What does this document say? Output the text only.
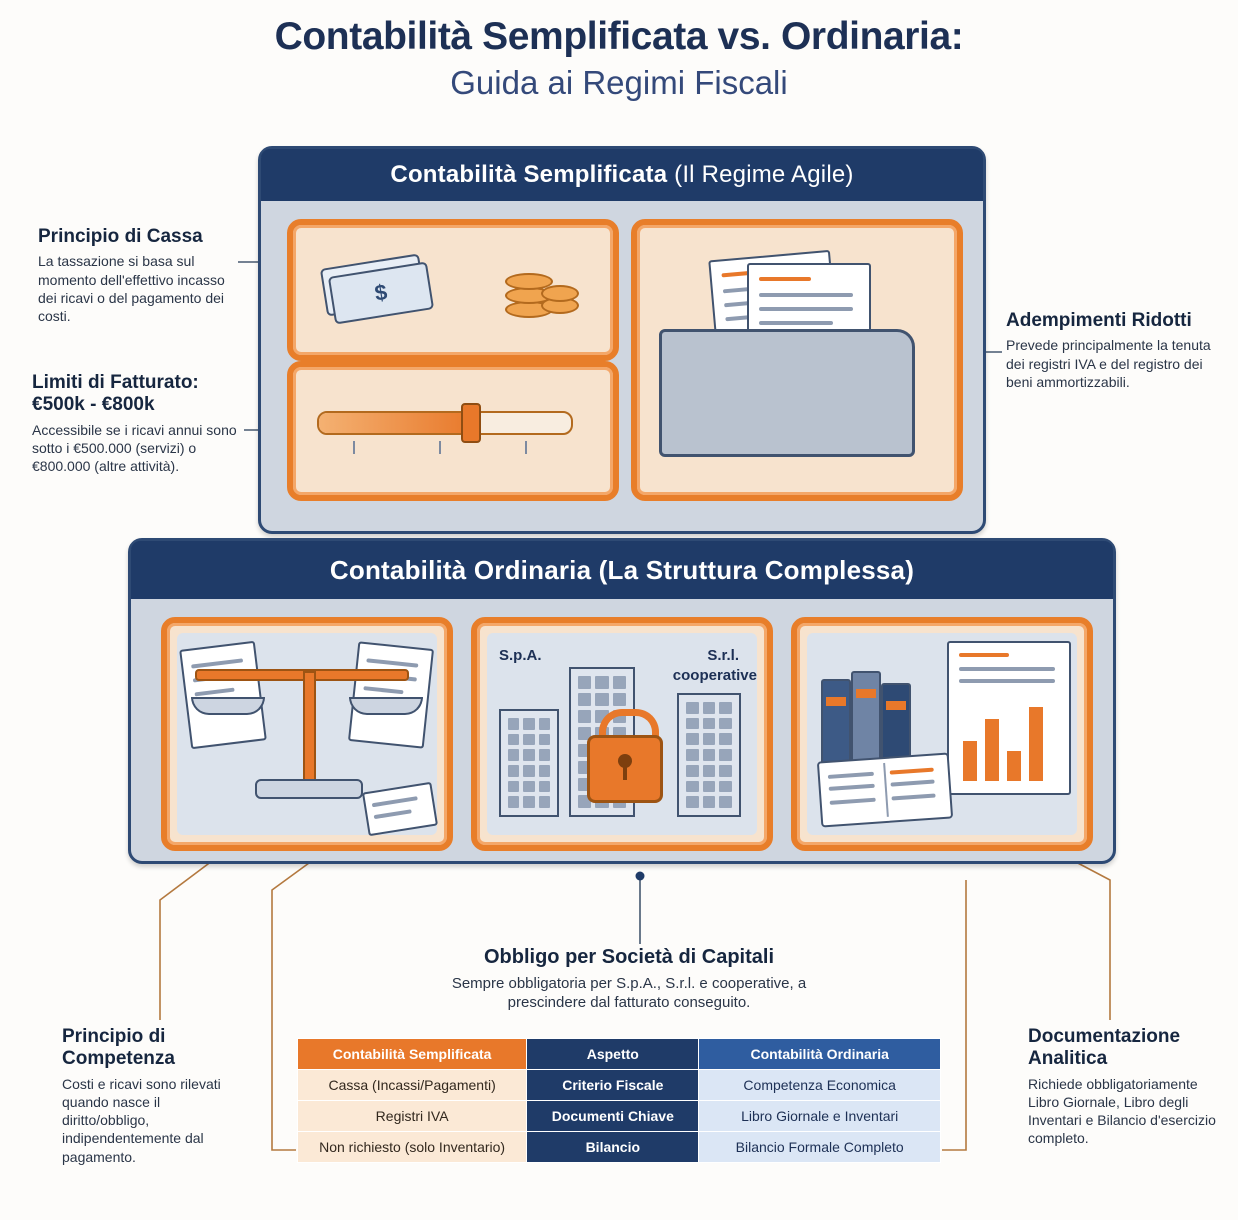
Contabilità Semplificata vs. Ordinaria:
Guida ai Regimi Fiscali
Contabilità Semplificata (Il Regime Agile)
$
Contabilità Ordinaria (La Struttura Complessa)
S.p.A.	S.r.l.
cooperative
Principio di Cassa
La tassazione si basa sul momento dell'effettivo incasso dei ricavi o del pagamento dei costi.
Limiti di Fatturato: €500k - €800k
Accessibile se i ricavi annui sono sotto i €500.000 (servizi) o €800.000 (altre attività).
Adempimenti Ridotti
Prevede principalmente la tenuta dei registri IVA e del registro dei beni ammortizzabili.
Obbligo per Società di Capitali
Sempre obbligatoria per S.p.A., S.r.l. e cooperative, a prescindere dal fatturato conseguito.
Principio di Competenza
Costi e ricavi sono rilevati quando nasce il diritto/obbligo, indipendentemente dal pagamento.
Documentazione Analitica
Richiede obbligatoriamente Libro Giornale, Libro degli Inventari e Bilancio d'esercizio completo.
Contabilità Semplificata	Aspetto	Contabilità Ordinaria
Cassa (Incassi/Pagamenti)	Criterio Fiscale	Competenza Economica
Registri IVA	Documenti Chiave	Libro Giornale e Inventari
Non richiesto (solo Inventario)	Bilancio	Bilancio Formale Completo
